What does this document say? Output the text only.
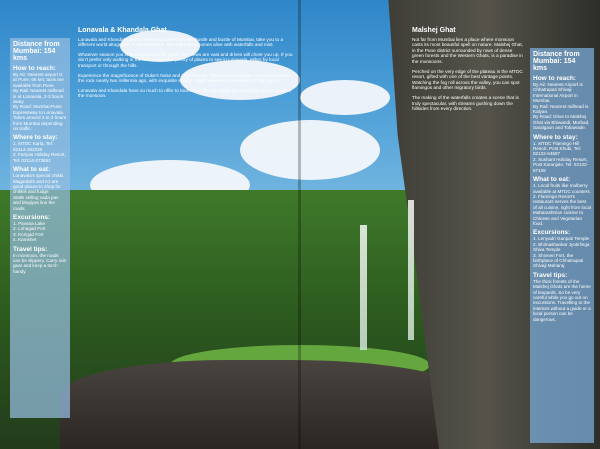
Distance from Mumbai: 154 kms
How to reach:
By Air: Nearest airport is at Pune, 66 km; taxis are available from Pune.
By Rail: Nearest railhead is at Lonavala, 2-3 hours away.
By Road: Mumbai-Pune Expressway to Lonavala. Takes around 2 to 3 hours from Mumbai depending on traffic.
Where to stay:
1. MTDC Karla, Tel: 02114-282230
2. Fariyas Holiday Resort, Tel: 02114-273852
What to eat:
Lonavala's special chikki. Maganlal's and A1 are good places to shop for chikkis and fudge.
Stalls selling vada pav and bhajiyas line the roads.
Excursions:
1. Pavana Lake
2. Lohagad Fort
3. Korigad Fort
4. Kamshet
Travel tips:
In monsoon, the roads can be slippery. Carry rain gear and keep a torch handy.
Lonavala & Khandala Ghat
Lonavala and Khandala, just a three hour drive from the bustle and bustle of Mumbai, take you to a different world altogether. In the monsoon, the entire ghat comes alive with waterfalls and mist.
Whatever season you choose to reach this place, the views are vast and drives will cheer you up. If you don't prefer only walking in the hotel, there are plenty of places to see in Lonavala, either by local transport or through the hills.
Experience the magnificence of Duke's Nose and Tiger's Leap. The Karla and Bhaja caves carved into the rock nearly two millennia ago, with exquisite stupas, stand witness to the history of the region.
Lonavala and Khandala have so much to offer to tourists as the two ghats are wonderful picnic spots in the monsoon.
Malshej Ghat
Not far from Mumbai lies a place where monsoon casts its most beautiful spell on nature. Malshej Ghat, in the Pune district surrounded by rows of dense green forests and the Western Ghats, is a paradise in the monsoons.
Perched on the very edge of the plateau is the MTDC resort, gifted with one of the best vantage points. Watching the fog roll across the valley, you can spot flamingos and other migratory birds.
The making of the waterfalls creates a scene that is truly spectacular, with streams gushing down the hillsides from every direction.
Distance from Mumbai: 154 kms
How to reach:
By Air: Nearest Airport is Chhatrapati Shivaji International Airport in Mumbai.
By Rail: Nearest railhead is Kalyan.
By Road: Drive to Malshej Ghat via Bhiwandi, Murbad, Saralgaon and Tokawade.
Where to stay:
1. MTDC Flamingo Hill Resort, Post Khubi, Tel: 02132-64587
2. Sushant Holiday Resort, Post Karanjale, Tel: 02132-67108
What to eat:
1. Local fruits like mulberry available at MTDC counters.
2. Flamingo Resort's restaurant serves the best of all cuisine, right from local Maharashtrian cuisine to Chinese and Vegetarian food.
Excursions:
1. Lenyadri Ganpati Temple
2. Bhimashankar Jyotirlinga Shiva Temple
3. Shivneri Fort, the birthplace of Chhatrapati Shivaji Maharaj
Travel tips:
The thick forests of the Malshej Ghats are the home of leopards. So be very careful while you go out on excursions. Travelling to the interiors without a guide or a local person can be dangerous.
